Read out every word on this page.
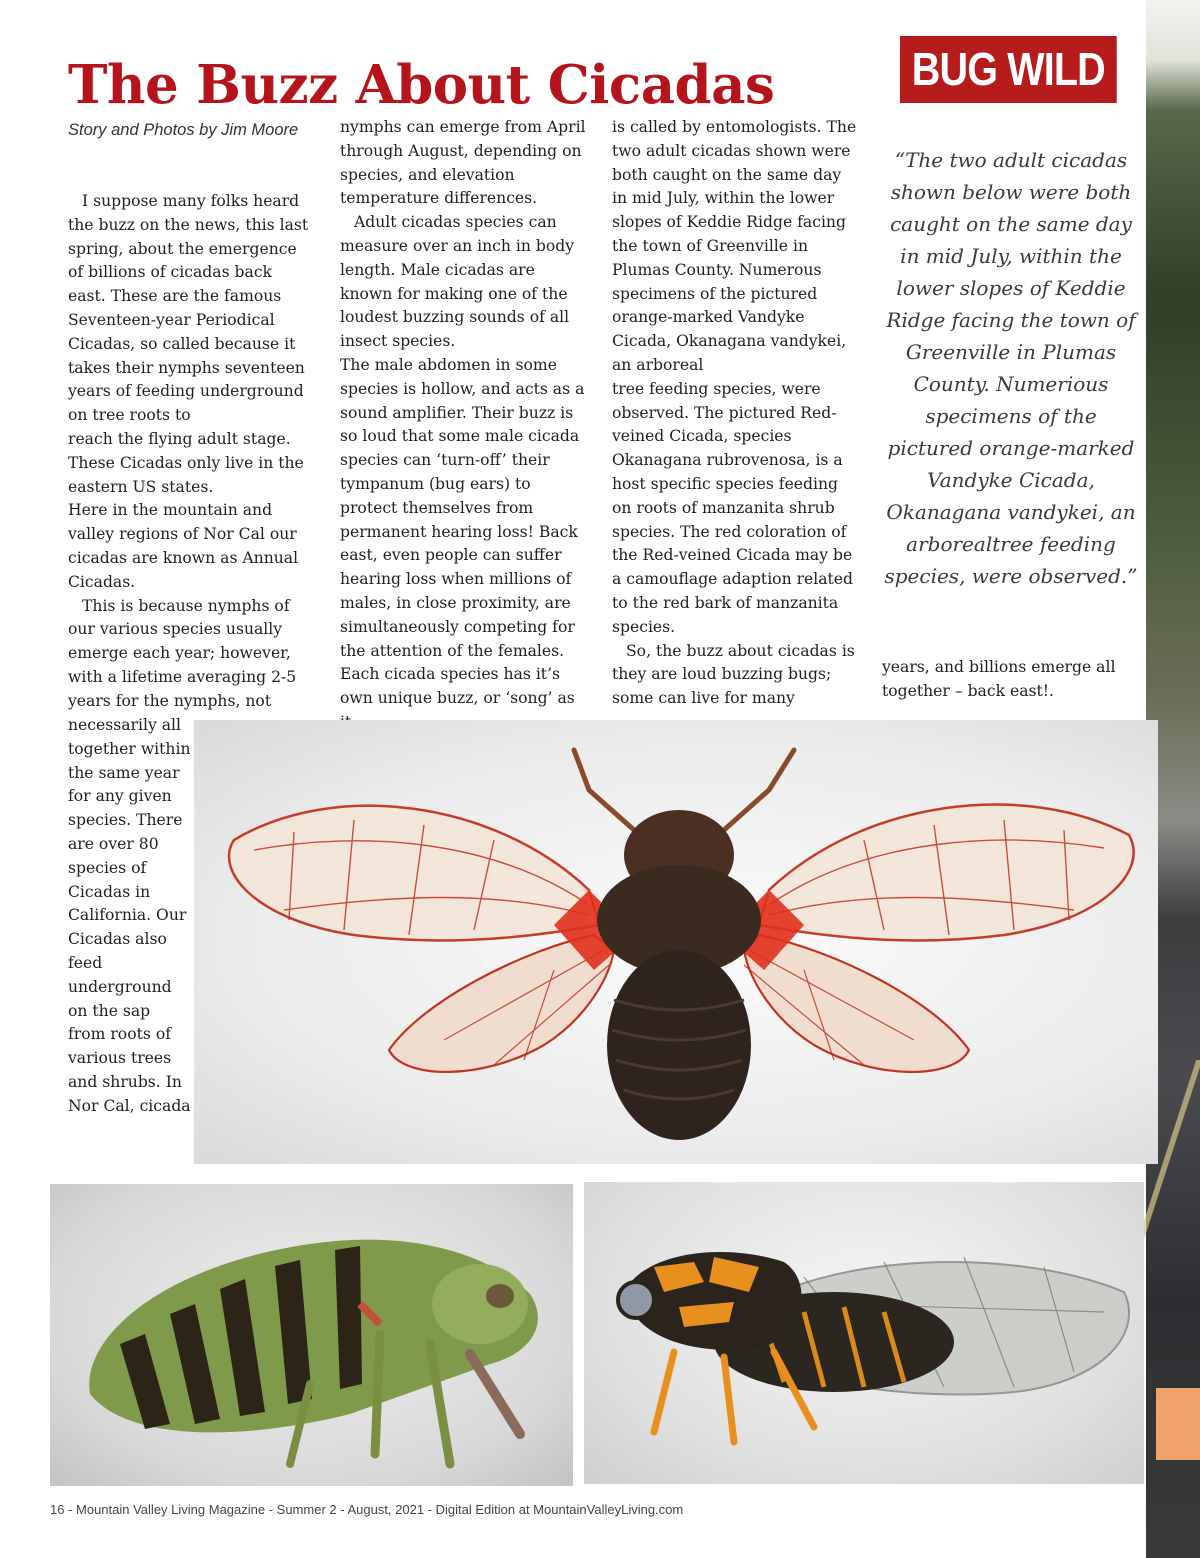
The Buzz About Cicadas	BUG WILD
Story and Photos by Jim Moore

I suppose many folks heard the buzz on the news, this last spring, about the emergence of billions of cicadas back east. These are the famous Seventeen-year Periodical Cicadas, so called because it takes their nymphs seventeen years of feeding underground on tree roots to

reach the flying adult stage. These Cicadas only live in the eastern US states.

Here in the mountain and valley regions of Nor Cal our cicadas are known as Annual Cicadas.

This is because nymphs of our various species usually emerge each year; however, with a lifetime averaging 2-5 years for the nymphs, not

necessarily all together within the same year for any given species. There are over 80 species of Cicadas in California. Our Cicadas also feed underground on the sap from roots of various trees and shrubs. In Nor Cal, cicada

nymphs can emerge from April through August, depending on species, and elevation temperature differences.

Adult cicadas species can measure over an inch in body length. Male cicadas are known for making one of the loudest buzzing sounds of all insect species.

The male abdomen in some species is hollow, and acts as a sound amplifier. Their buzz is so loud that some male cicada species can ‘turn-off’ their tympanum (bug ears) to protect themselves from permanent hearing loss! Back east, even people can suffer hearing loss when millions of males, in close proximity, are simultaneously competing for the attention of the females. Each cicada species has it’s own unique buzz, or ‘song’ as

is called by entomologists. The two adult cicadas shown were both caught on the same day in mid July, within the lower slopes of Keddie Ridge facing the town of Greenville in Plumas County. Numerous specimens of the pictured orange-marked Vandyke Cicada, Okanagana vandykei, an arboreal

tree feeding species, were observed. The pictured Red-veined Cicada, species Okanagana rubrovenosa, is a host specific species feeding on roots of manzanita shrub species. The red coloration of the Red-veined Cicada may be a camouflage adaption related to the red bark of manzanita species.

So, the buzz about cicadas is they are loud buzzing bugs; some can live for many

“The two adult cicadas shown below were both caught on the same day in mid July, within the lower slopes of Keddie Ridge facing the town of Greenville in Plumas County. Numerious specimens of the pictured orange-marked Vandyke Cicada, Okanagana vandykei, an arborealtree feeding species, were observed.”

years, and billions emerge all together – back east!.

16 - Mountain Valley Living Magazine - Summer 2 - August, 2021 - Digital Edition at MountainValleyLiving.com
